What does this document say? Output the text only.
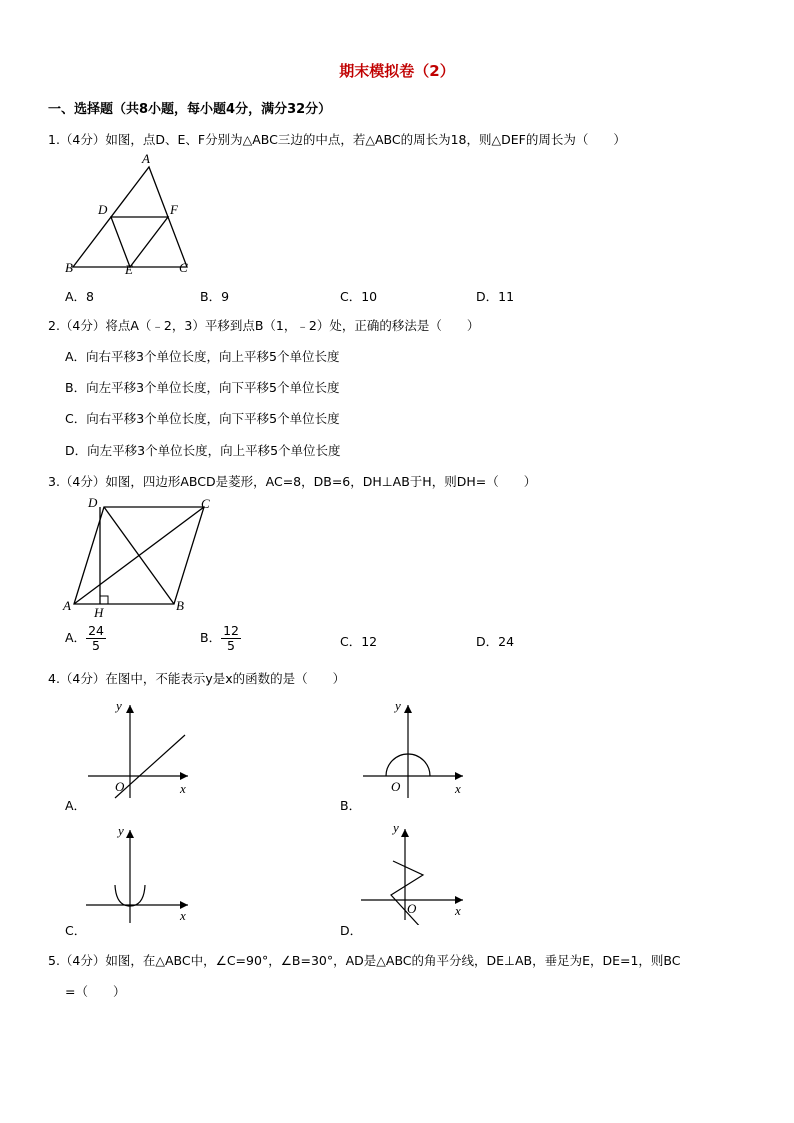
期末模拟卷（2）
一、选择题（共8小题，每小题4分，满分32分）
1.（4分）如图，点D、E、F分别为△ABC三边的中点，若△ABC的周长为18，则△DEF的周长为（　　）
A
D	F
B	E	C
A．8	B．9	C．10	D．11
2.（4分）将点A（﹣2，3）平移到点B（1，﹣2）处，正确的移法是（　　）
A．向右平移3个单位长度，向上平移5个单位长度
B．向左平移3个单位长度，向下平移5个单位长度
C．向右平移3个单位长度，向下平移5个单位长度
D．向左平移3个单位长度，向上平移5个单位长度
3.（4分）如图，四边形ABCD是菱形，AC=8，DB=6，DH⊥AB于H，则DH=（　　）
D	C
A	B
H
A． $\frac{24}{5}$	B． $\frac{12}{5}$	C．12	D．24
4.（4分）在图中，不能表示y是x的函数的是（　　）
y
O	x
A．
y
O	x
B．
y
x
C．
y
O	x
D．
5.（4分）如图，在△ABC中，∠C=90°，∠B=30°，AD是△ABC的角平分线，DE⊥AB，垂足为E，DE=1，则BC
=（　　）
